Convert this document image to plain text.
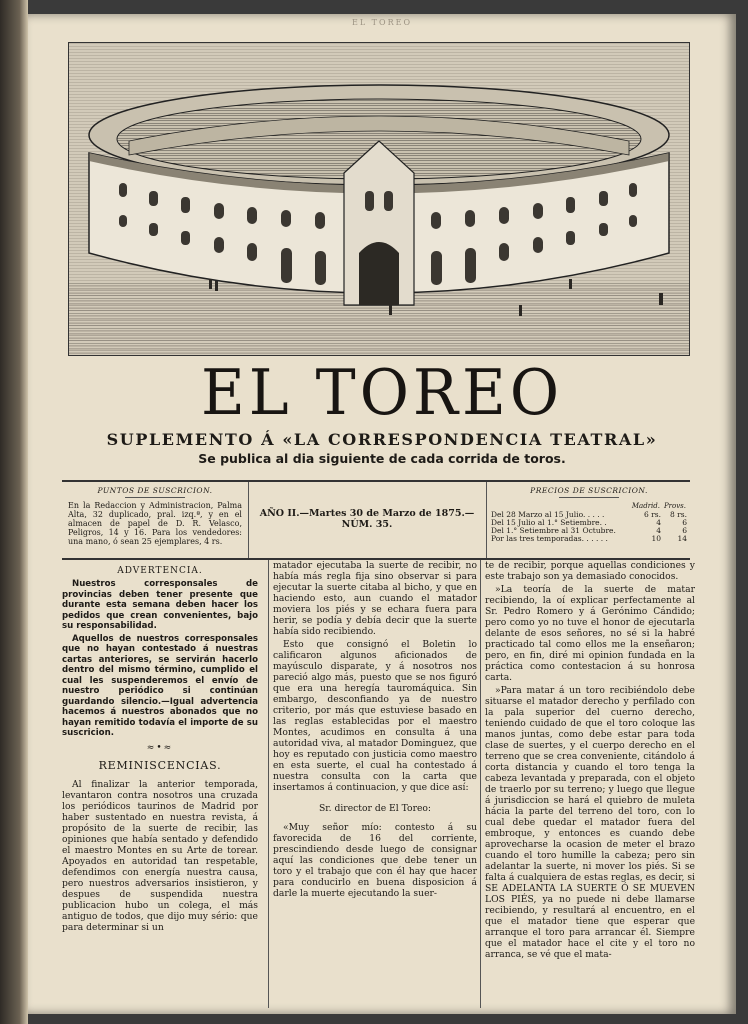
EL TOREO
EL TOREO
SUPLEMENTO Á «LA CORRESPONDENCIA TEATRAL»
Se publica al dia siguiente de cada corrida de toros.
PUNTOS DE SUSCRICION.
En la Redaccion y Administracion, Palma Alta, 32 duplicado, pral. izq.ª, y en el almacen de papel de D. R. Velasco, Peligros, 14 y 16. Para los vendedores: una mano, ó sean 25 ejemplares, 4 rs.
AÑO II.—Martes 30 de Marzo de 1875.—NÚM. 35.
PRECIOS DE SUSCRICION.
	Madrid.	Provs.
Del 28 Marzo al 15 Julio. . . . .	6 rs.	8 rs.
Del 15 Julio al 1.° Setiembre. .	4	6
Del 1.° Setiembre al 31 Octubre.	4	6
Por las tres temporadas. . . . . .	10	14
ADVERTENCIA.

Nuestros corresponsales de provincias deben tener presente que durante esta semana deben hacer los pedidos que crean convenientes, bajo su responsabilidad.

Aquellos de nuestros corresponsales que no hayan contestado á nuestras cartas anteriores, se servirán hacerlo dentro del mismo término, cumplido el cual les suspenderemos el envío de nuestro periódico si continúan guardando silencio.—Igual advertencia hacemos á nuestros abonados que no hayan remitido todavía el importe de su suscricion.

≈•≈
REMINISCENCIAS.

Al finalizar la anterior temporada, levantaron contra nosotros una cruzada los periódicos taurinos de Madrid por haber sustentado en nuestra revista, á propósito de la suerte de recibir, las opiniones que había sentado y defendido el maestro Montes en su Arte de torear. Apoyados en autoridad tan respetable, defendimos con energía nuestra causa, pero nuestros adversarios insistieron, y despues de suspendida nuestra publicacion hubo un colega, el más antiguo de todos, que dijo muy sério: que para determinar si un

matador ejecutaba la suerte de recibir, no había más regla fija sino observar si para ejecutar la suerte citaba al bicho, y que en haciendo esto, aun cuando el matador moviera los piés y se echara fuera para herir, se podía y debía decir que la suerte había sido recibiendo.

Esto que consignó el Boletin lo calificaron algunos aficionados de mayúsculo disparate, y á nosotros nos pareció algo más, puesto que se nos figuró que era una heregía tauromáquica. Sin embargo, desconfiando ya de nuestro criterio, por más que estuviese basado en las reglas establecidas por el maestro Montes, acudimos en consulta á una autoridad viva, al matador Dominguez, que hoy es reputado con justicia como maestro en esta suerte, el cual ha contestado á nuestra consulta con la carta que insertamos á continuacion, y que dice así:

Sr. director de El Toreo:

«Muy señor mío: contesto á su favorecida de 16 del corriente, prescindiendo desde luego de consignar aquí las condiciones que debe tener un toro y el trabajo que con él hay que hacer para conducirlo en buena disposicion á darle la muerte ejecutando la suer-

te de recibir, porque aquellas condiciones y este trabajo son ya demasiado conocidos.

»La teoría de la suerte de matar recibiendo, la oí explicar perfectamente al Sr. Pedro Romero y á Gerónimo Cándido; pero como yo no tuve el honor de ejecutarla delante de esos señores, no sé si la habré practicado tal como ellos me la enseñaron; pero, en fin, diré mi opinion fundada en la práctica como contestacion á su honrosa carta.

»Para matar á un toro recibiéndolo debe situarse el matador derecho y perfilado con la pala superior del cuerno derecho, teniendo cuidado de que el toro coloque las manos juntas, como debe estar para toda clase de suertes, y el cuerpo derecho en el terreno que se crea conveniente, citándolo á corta distancia y cuando el toro tenga la cabeza levantada y preparada, con el objeto de traerlo por su terreno; y luego que llegue á jurisdiccion se hará el quiebro de muleta hácia la parte del terreno del toro, con lo cual debe quedar el matador fuera del embroque, y entonces es cuando debe aprovecharse la ocasion de meter el brazo cuando el toro humille la cabeza; pero sin adelantar la suerte, ni mover los piés. Si se falta á cualquiera de estas reglas, es decir, si SE ADELANTA LA SUERTE Ó SE MUEVEN LOS PIÉS, ya no puede ni debe llamarse recibiendo, y resultará al encuentro, en el que el matador tiene que esperar que arranque el toro para arrancar él. Siempre que el matador hace el cite y el toro no arranca, se vé que el mata-
